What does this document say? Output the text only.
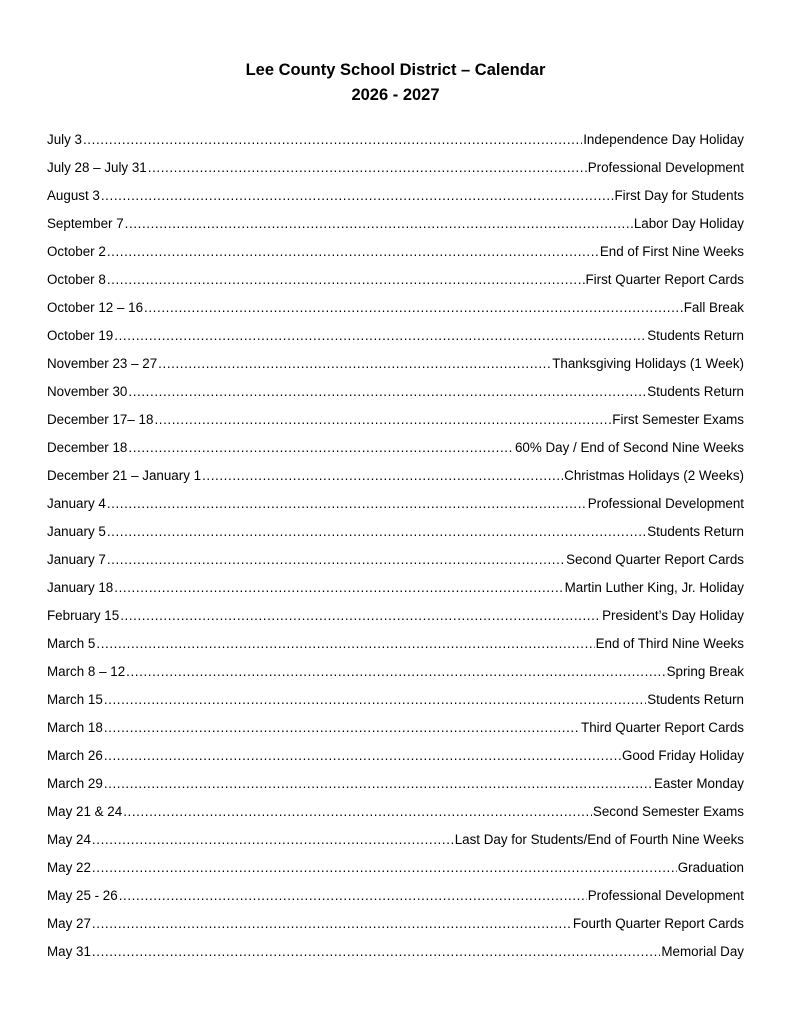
Lee County School District – Calendar

2026 - 2027

July 3 .....	Independence Day Holiday
July 28 – July 31 .....	Professional Development
August 3 .....	First Day for Students
September 7 .....	Labor Day Holiday
October 2 .....	End of First Nine Weeks
October 8 .....	First Quarter Report Cards
October 12 – 16 .....	Fall Break
October 19 .....	Students Return
November 23 – 27 .....	Thanksgiving Holidays (1 Week)
November 30 .....	Students Return
December 17– 18 .....	First Semester Exams
December 18 .....	60% Day / End of Second Nine Weeks
December 21 – January 1 .....	Christmas Holidays (2 Weeks)
January 4 .....	Professional Development
January 5 .....	Students Return
January 7 .....	Second Quarter Report Cards
January 18 .....	Martin Luther King, Jr. Holiday
February 15 .....	President’s Day Holiday
March 5 .....	End of Third Nine Weeks
March 8 – 12 .....	Spring Break
March 15 .....	Students Return
March 18 .....	Third Quarter Report Cards
March 26 .....	Good Friday Holiday
March 29 .....	Easter Monday
May 21 & 24 .....	Second Semester Exams
May 24 .....	Last Day for Students/End of Fourth Nine Weeks
May 22 .....	Graduation
May 25 - 26 .....	Professional Development
May 27 .....	Fourth Quarter Report Cards
May 31 .....	Memorial Day
